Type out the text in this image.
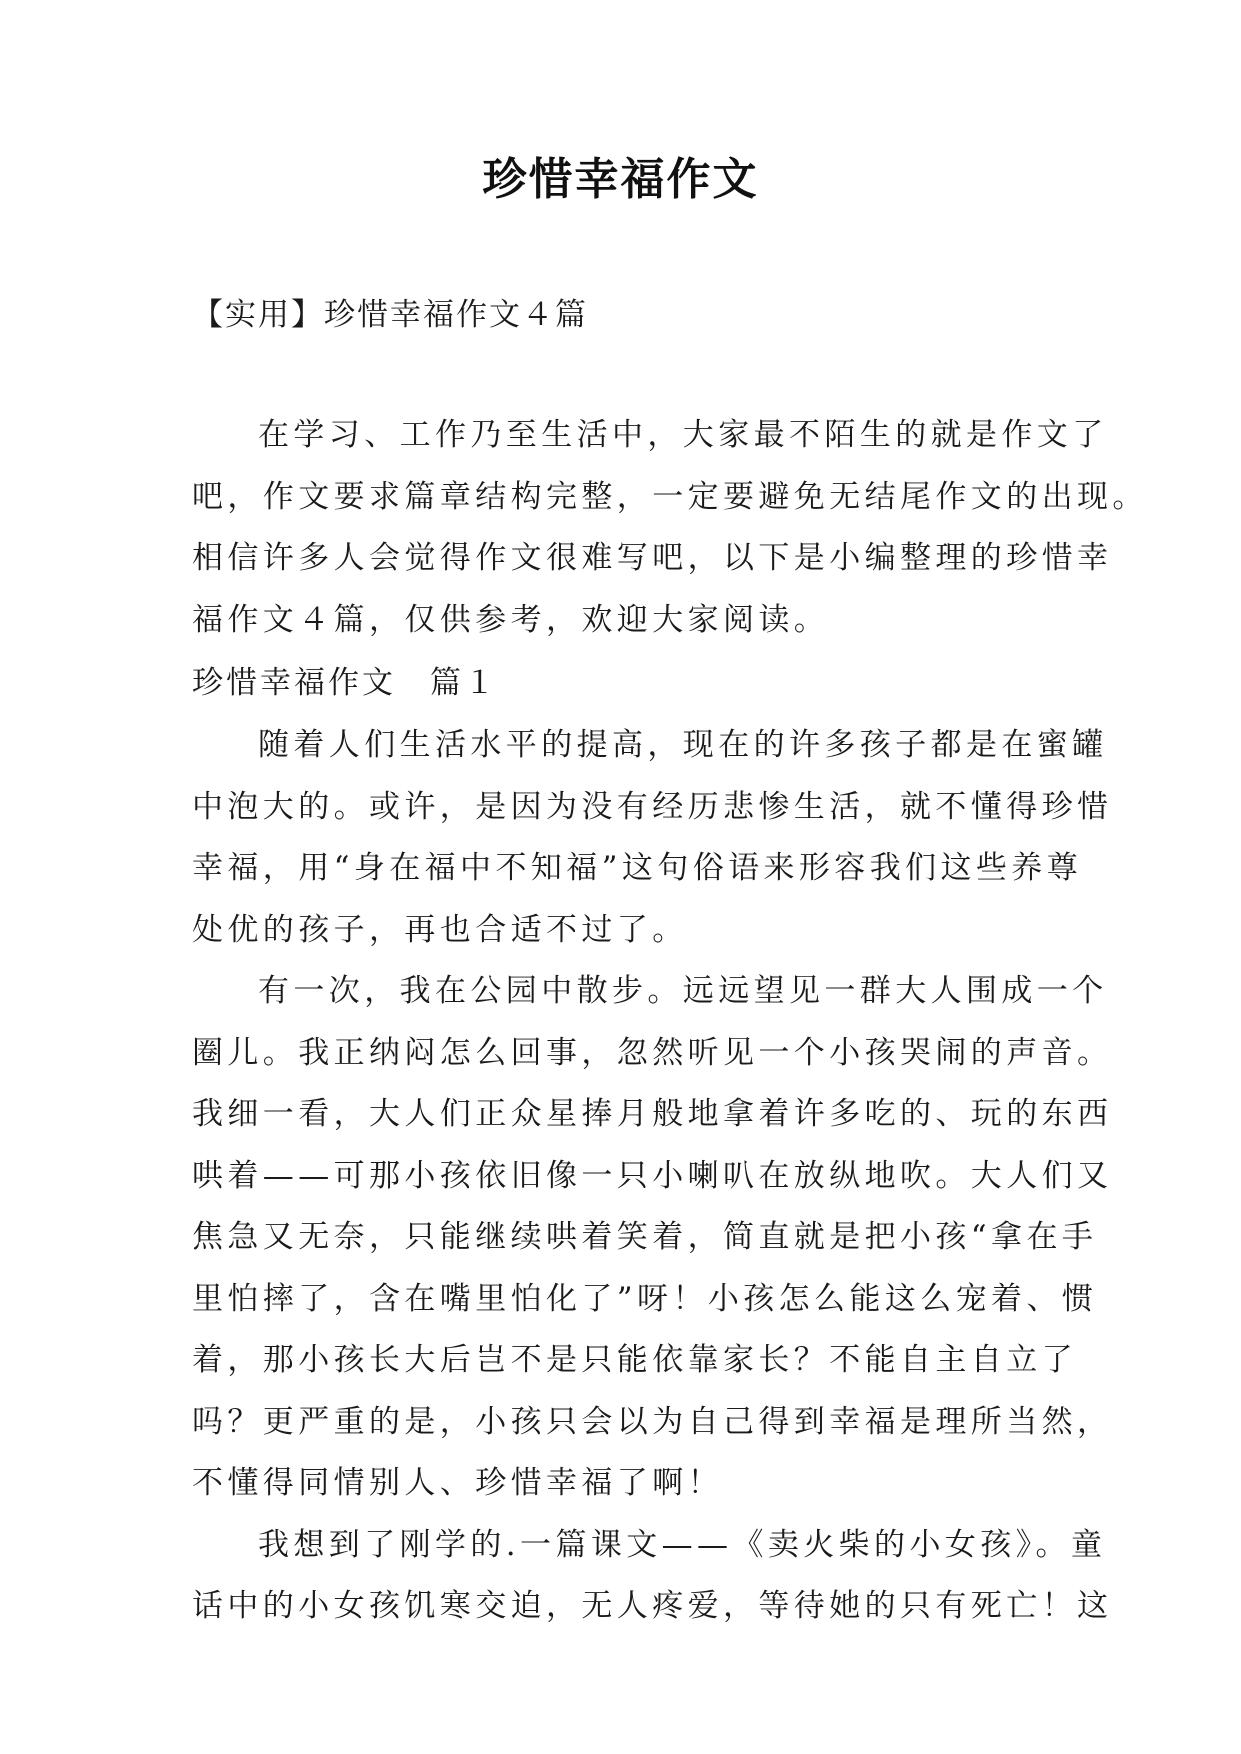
珍惜幸福作文

【实用】珍惜幸福作文４篇

在学习、工作乃至生活中，大家最不陌生的就是作文了

吧，作文要求篇章结构完整，一定要避免无结尾作文的出现。
相信许多人会觉得作文很难写吧，以下是小编整理的珍惜幸
福作文４篇，仅供参考，欢迎大家阅读。

珍惜幸福作文　篇１

随着人们生活水平的提高，现在的许多孩子都是在蜜罐

中泡大的。或许，是因为没有经历悲惨生活，就不懂得珍惜
幸福，用“身在福中不知福”这句俗语来形容我们这些养尊
处优的孩子，再也合适不过了。

有一次，我在公园中散步。远远望见一群大人围成一个

圈儿。我正纳闷怎么回事，忽然听见一个小孩哭闹的声音。
我细一看，大人们正众星捧月般地拿着许多吃的、玩的东西
哄着——可那小孩依旧像一只小喇叭在放纵地吹。大人们又
焦急又无奈，只能继续哄着笑着，简直就是把小孩“拿在手
里怕摔了，含在嘴里怕化了”呀！小孩怎么能这么宠着、惯
着，那小孩长大后岂不是只能依靠家长？不能自主自立了
吗？更严重的是，小孩只会以为自己得到幸福是理所当然，
不懂得同情别人、珍惜幸福了啊！

我想到了刚学的.一篇课文——《卖火柴的小女孩》。童

话中的小女孩饥寒交迫，无人疼爱，等待她的只有死亡！这
